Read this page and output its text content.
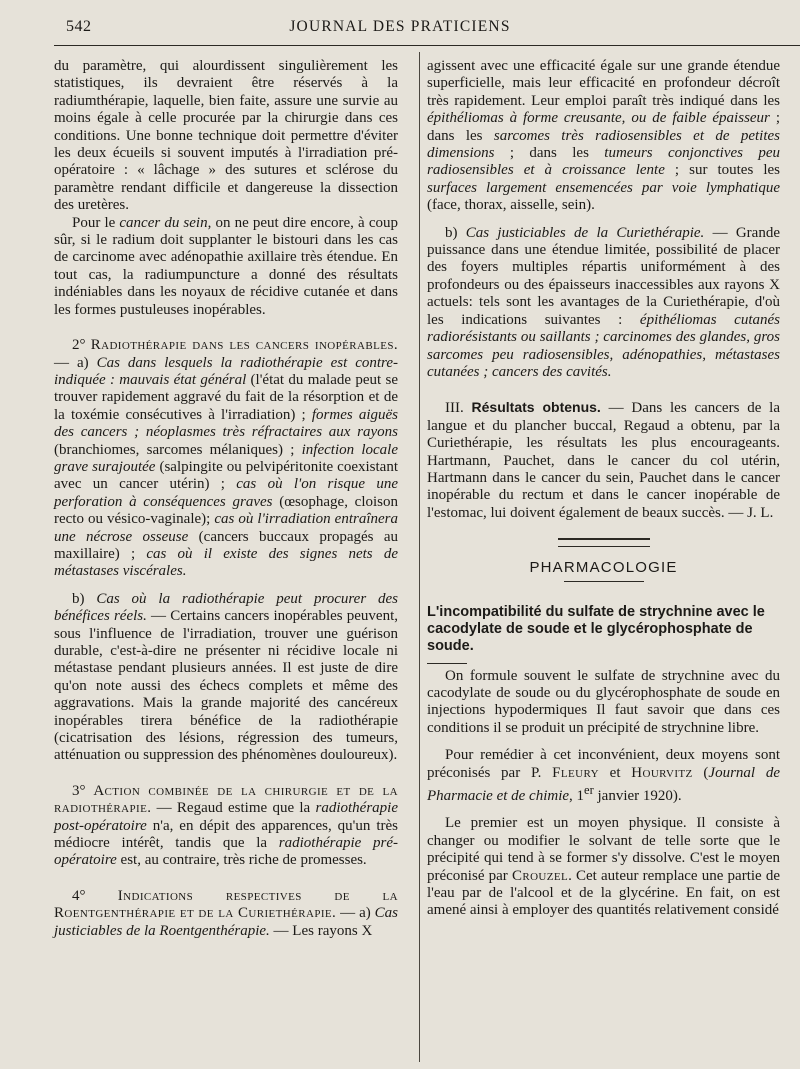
542	JOURNAL DES PRATICIENS

du paramètre, qui alourdissent singulièrement les statistiques, ils devraient être réservés à la radiumthérapie, laquelle, bien faite, assure une survie au moins égale à celle procurée par la chirurgie dans ces conditions. Une bonne technique doit permettre d'éviter les deux écueils si souvent imputés à l'irradiation pré-opératoire : « lâchage » des sutures et sclérose du paramètre rendant difficile et dangereuse la dissection des uretères.

Pour le cancer du sein, on ne peut dire encore, à coup sûr, si le radium doit supplanter le bistouri dans les cas de carcinome avec adénopathie axillaire très étendue. En tout cas, la radiumpuncture a donné des résultats indéniables dans les noyaux de récidive cutanée et dans les formes pustuleuses inopérables.

2° Radiothérapie dans les cancers inopérables. — a) Cas dans lesquels la radiothérapie est contre-indiquée : mauvais état général (l'état du malade peut se trouver rapidement aggravé du fait de la résorption et de la toxémie consécutives à l'irradiation) ; formes aiguës des cancers ; néoplasmes très réfractaires aux rayons (branchiomes, sarcomes mélaniques) ; infection locale grave surajoutée (salpingite ou pelvipéritonite coexistant avec un cancer utérin) ; cas où l'on risque une perforation à conséquences graves (œsophage, cloison recto ou vésico-vaginale); cas où l'irradiation entraînera une nécrose osseuse (cancers buccaux propagés au maxillaire) ; cas où il existe des signes nets de métastases viscérales.

b) Cas où la radiothérapie peut procurer des bénéfices réels. — Certains cancers inopérables peuvent, sous l'influence de l'irradiation, trouver une guérison durable, c'est-à-dire ne présenter ni récidive locale ni métastase pendant plusieurs années. Il est juste de dire qu'on note aussi des échecs complets et même des aggravations. Mais la grande majorité des cancéreux inopérables tirera bénéfice de la radiothérapie (cicatrisation des lésions, régression des tumeurs, atténuation ou suppression des phénomènes douloureux).

3° Action combinée de la chirurgie et de la radiothérapie. — Regaud estime que la radiothérapie post-opératoire n'a, en dépit des apparences, qu'un très médiocre intérêt, tandis que la radiothérapie pré-opératoire est, au contraire, très riche de promesses.

4° Indications respectives de la Roentgenthérapie et de la Curiethérapie. — a) Cas justiciables de la Roentgenthérapie. — Les rayons X

agissent avec une efficacité égale sur une grande étendue superficielle, mais leur efficacité en profondeur décroît très rapidement. Leur emploi paraît très indiqué dans les épithéliomas à forme creusante, ou de faible épaisseur ; dans les sarcomes très radiosensibles et de petites dimensions ; dans les tumeurs conjonctives peu radiosensibles et à croissance lente ; sur toutes les surfaces largement ensemencées par voie lymphatique (face, thorax, aisselle, sein).

b) Cas justiciables de la Curiethérapie. — Grande puissance dans une étendue limitée, possibilité de placer des foyers multiples répartis uniformément à des profondeurs ou des épaisseurs inaccessibles aux rayons X actuels: tels sont les avantages de la Curiethérapie, d'où les indications suivantes : épithéliomas cutanés radiorésistants ou saillants ; carcinomes des glandes, gros sarcomes peu radiosensibles, adénopathies, métastases cutanées ; cancers des cavités.

III. Résultats obtenus. — Dans les cancers de la langue et du plancher buccal, Regaud a obtenu, par la Curiethérapie, les résultats les plus encourageants. Hartmann, Pauchet, dans le cancer du col utérin, Hartmann dans le cancer du sein, Pauchet dans le cancer inopérable du rectum et dans le cancer inopérable de l'estomac, lui doivent également de beaux succès. — J. L.

PHARMACOLOGIE
L'incompatibilité du sulfate de strychnine avec le cacodylate de soude et le glycérophosphate de soude.

On formule souvent le sulfate de strychnine avec du cacodylate de soude ou du glycérophosphate de soude en injections hypodermiques Il faut savoir que dans ces conditions il se produit un précipité de strychnine libre.

Pour remédier à cet inconvénient, deux moyens sont préconisés par P. Fleury et Hourvitz (Journal de Pharmacie et de chimie, 1er janvier 1920).

Le premier est un moyen physique. Il consiste à changer ou modifier le solvant de telle sorte que le précipité qui tend à se former s'y dissolve. C'est le moyen préconisé par Crouzel. Cet auteur remplace une partie de l'eau par de l'alcool et de la glycérine. En fait, on est amené ainsi à employer des quantités relativement considé
